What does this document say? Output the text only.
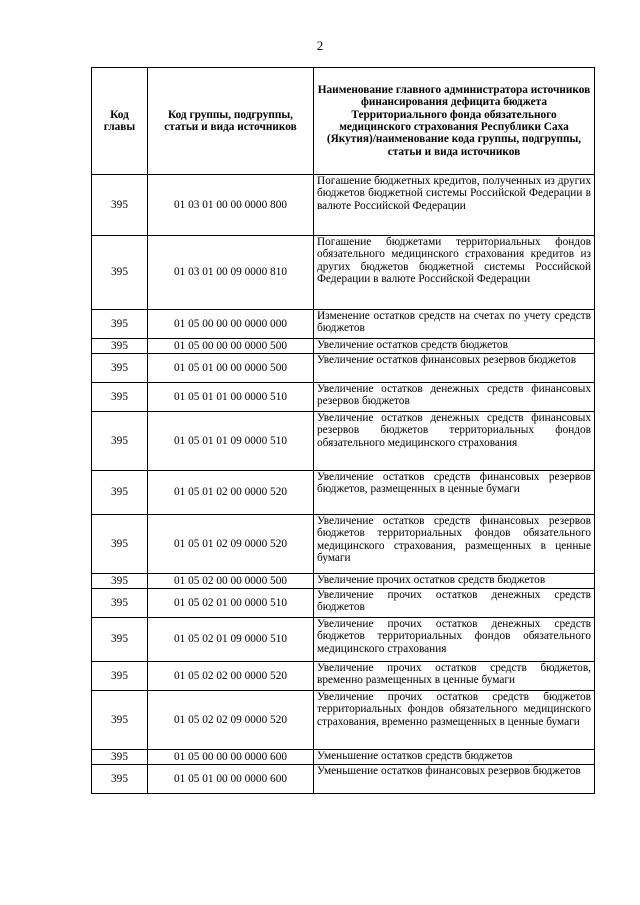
2
Код главы	Код группы, подгруппы, статьи и вида источников	Наименование главного администратора источников финансирования дефицита бюджета Территориального фонда обязательного медицинского страхования Республики Саха (Якутия)/наименование кода группы, подгруппы, статьи и вида источников
395	01 03 01 00 00 0000 800	Погашение бюджетных кредитов, полученных из других бюджетов бюджетной системы Российской Федерации в валюте Российской Федерации
395	01 03 01 00 09 0000 810	Погашение бюджетами территориальных фондов обязательного медицинского страхования кредитов из других бюджетов бюджетной системы Российской Федерации в валюте Российской Федерации
395	01 05 00 00 00 0000 000	Изменение остатков средств на счетах по учету средств бюджетов
395	01 05 00 00 00 0000 500	Увеличение остатков средств бюджетов
395	01 05 01 00 00 0000 500	Увеличение остатков финансовых резервов бюджетов
395	01 05 01 01 00 0000 510	Увеличение остатков денежных средств финансовых резервов бюджетов
395	01 05 01 01 09 0000 510	Увеличение остатков денежных средств финансовых резервов бюджетов территориальных фондов обязательного медицинского страхования
395	01 05 01 02 00 0000 520	Увеличение остатков средств финансовых резервов бюджетов, размещенных в ценные бумаги
395	01 05 01 02 09 0000 520	Увеличение остатков средств финансовых резервов бюджетов территориальных фондов обязательного медицинского страхования, размещенных в ценные бумаги
395	01 05 02 00 00 0000 500	Увеличение прочих остатков средств бюджетов
395	01 05 02 01 00 0000 510	Увеличение прочих остатков денежных средств бюджетов
395	01 05 02 01 09 0000 510	Увеличение прочих остатков денежных средств бюджетов территориальных фондов обязательного медицинского страхования
395	01 05 02 02 00 0000 520	Увеличение прочих остатков средств бюджетов, временно размещенных в ценные бумаги
395	01 05 02 02 09 0000 520	Увеличение прочих остатков средств бюджетов территориальных фондов обязательного медицинского страхования, временно размещенных в ценные бумаги
395	01 05 00 00 00 0000 600	Уменьшение остатков средств бюджетов
395	01 05 01 00 00 0000 600	Уменьшение остатков финансовых резервов бюджетов
